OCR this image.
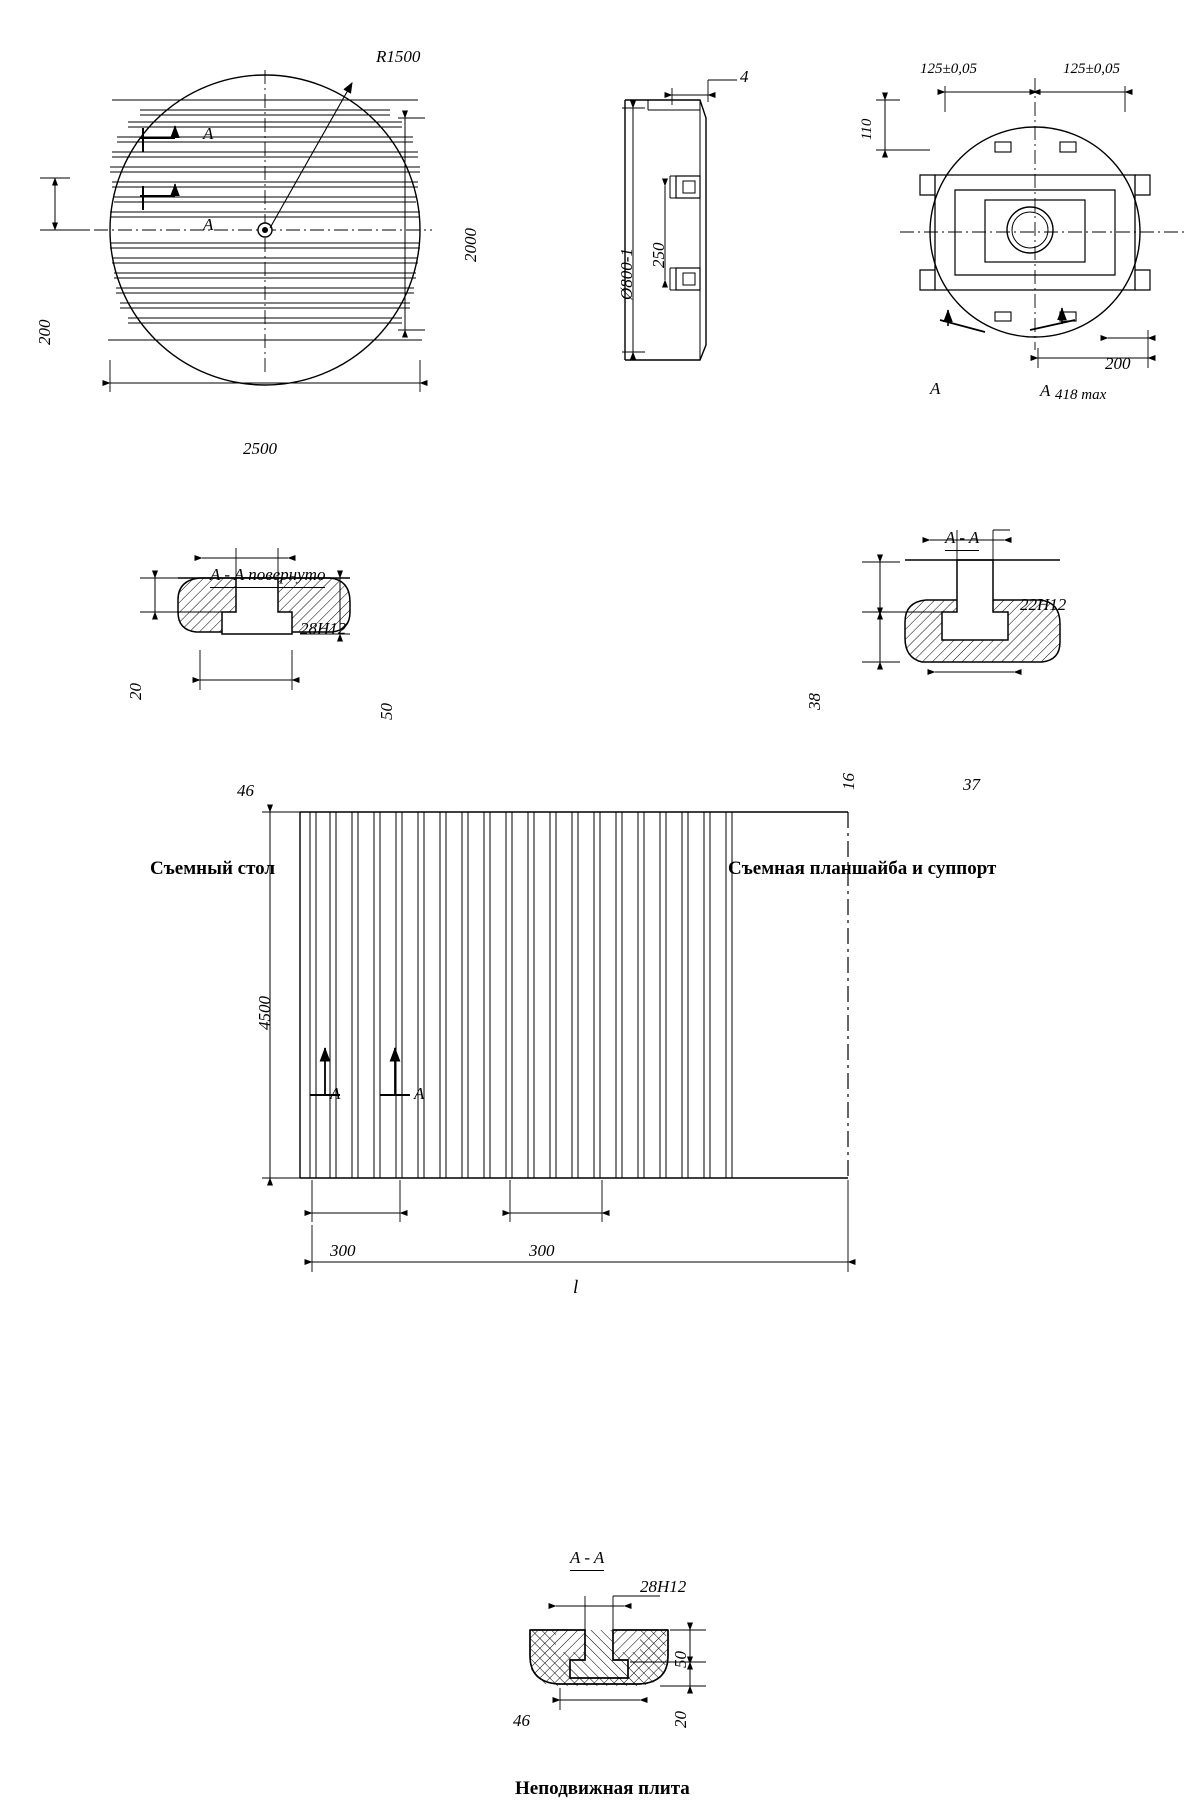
R1500
A
A
2000
200
2500
4
Ø800-1 250
125±0,05	125±0,05
110
200
418 max
A	A
A - A повернуто
28H12
20
50
46
Съемный стол
A - A
22H12
38
16	37
Съемная планшайба и суппорт
4500
300	300
l
A	A
A - A
28H12
50
20
46
Неподвижная плита
